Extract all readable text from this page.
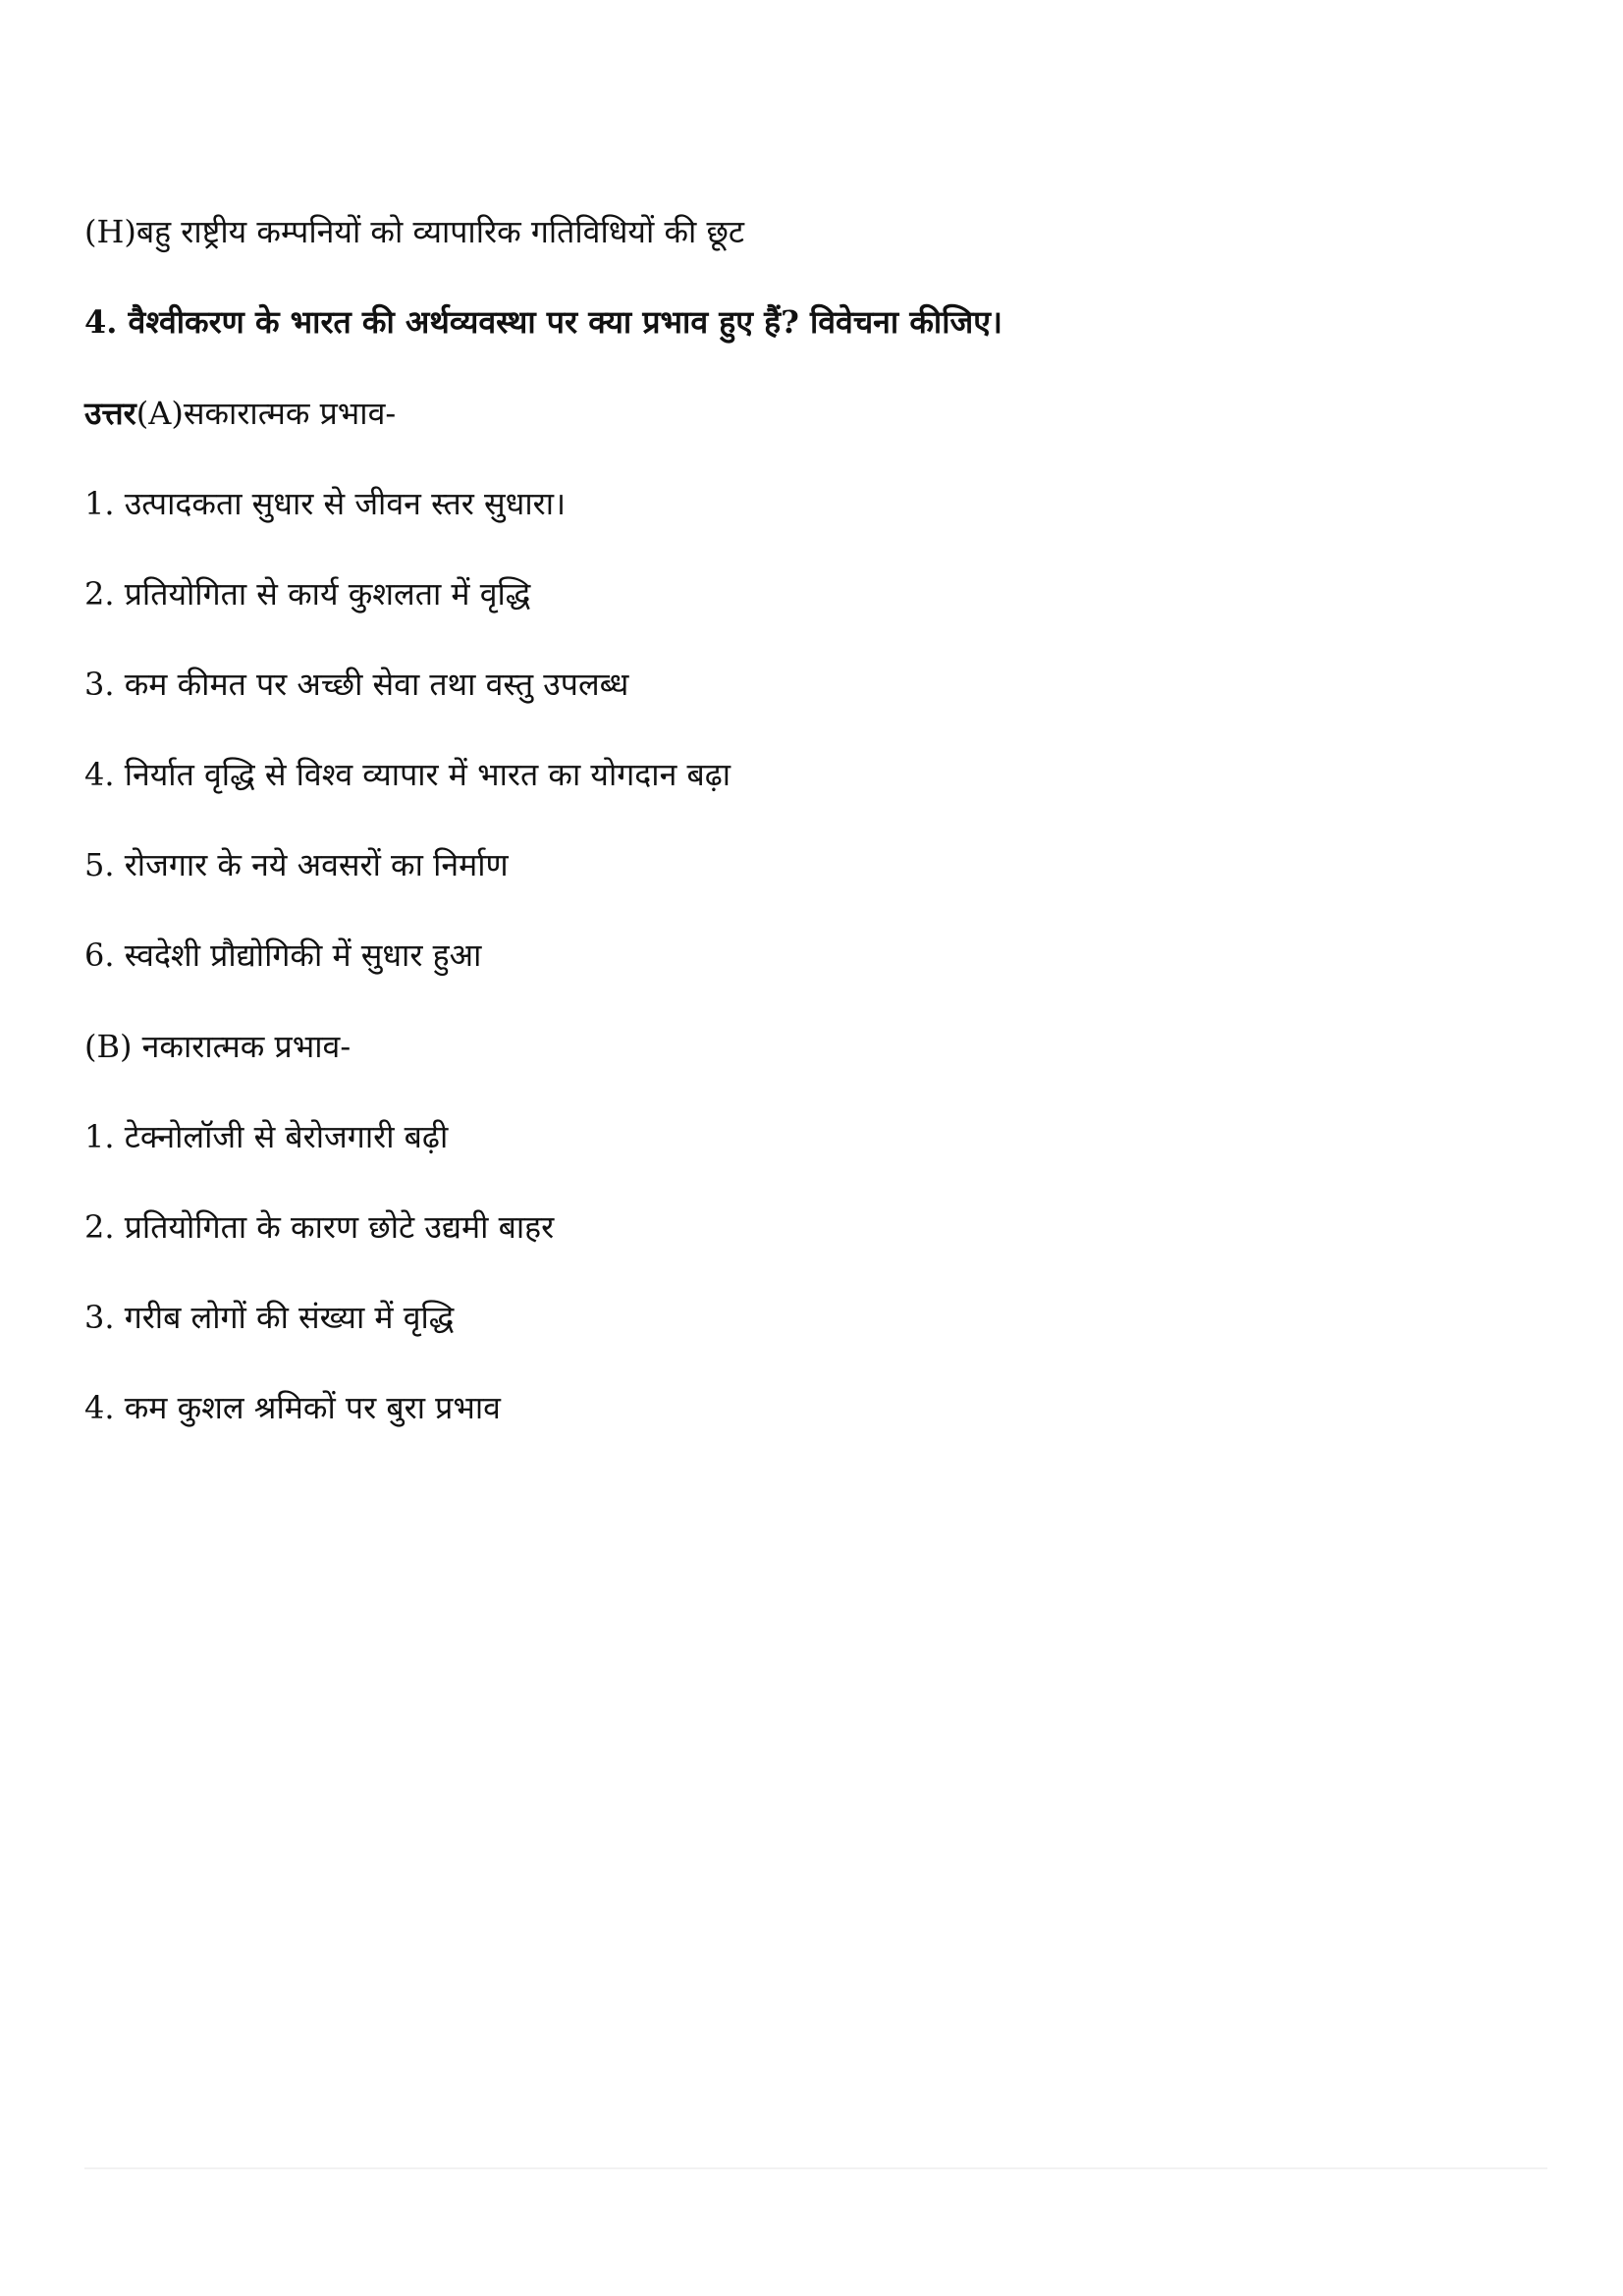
(H)बहु राष्ट्रीय कम्पनियों को व्यापारिक गतिविधियों की छूट
4. वैश्वीकरण के भारत की अर्थव्यवस्था पर क्या प्रभाव हुए हैं? विवेचना कीजिए।
उत्तर(A)सकारात्मक प्रभाव-
1. उत्पादकता सुधार से जीवन स्तर सुधारा।
2. प्रतियोगिता से कार्य कुशलता में वृद्धि
3. कम कीमत पर अच्छी सेवा तथा वस्तु उपलब्ध
4. निर्यात वृद्धि से विश्व व्यापार में भारत का योगदान बढ़ा
5. रोजगार के नये अवसरों का निर्माण
6. स्वदेशी प्रौद्योगिकी में सुधार हुआ
(B) नकारात्मक प्रभाव-
1. टेक्नोलॉजी से बेरोजगारी बढ़ी
2. प्रतियोगिता के कारण छोटे उद्यमी बाहर
3. गरीब लोगों की संख्या में वृद्धि
4. कम कुशल श्रमिकों पर बुरा प्रभाव
